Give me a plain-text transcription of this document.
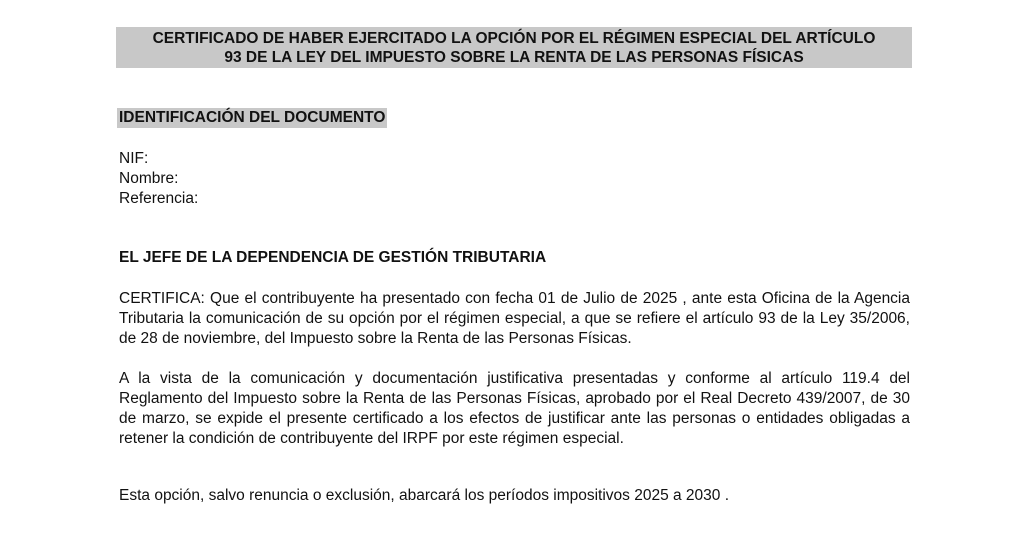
CERTIFICADO DE HABER EJERCITADO LA OPCIÓN POR EL RÉGIMEN ESPECIAL DEL ARTÍCULO
93 DE LA LEY DEL IMPUESTO SOBRE LA RENTA DE LAS PERSONAS FÍSICAS
IDENTIFICACIÓN DEL DOCUMENTO
NIF:
Nombre:
Referencia:
EL JEFE DE LA DEPENDENCIA DE GESTIÓN TRIBUTARIA
CERTIFICA: Que el contribuyente ha presentado con fecha 01 de Julio de 2025 , ante esta Oficina de la Agencia Tributaria la comunicación de su opción por el régimen especial, a que se refiere el artículo 93 de la Ley 35/2006, de 28 de noviembre, del Impuesto sobre la Renta de las Personas Físicas.
A la vista de la comunicación y documentación justificativa presentadas y conforme al artículo 119.4 del Reglamento del Impuesto sobre la Renta de las Personas Físicas, aprobado por el Real Decreto 439/2007, de 30 de marzo, se expide el presente certificado a los efectos de justificar ante las personas o entidades obligadas a retener la condición de contribuyente del IRPF por este régimen especial.
Esta opción, salvo renuncia o exclusión, abarcará los períodos impositivos 2025 a 2030 .
